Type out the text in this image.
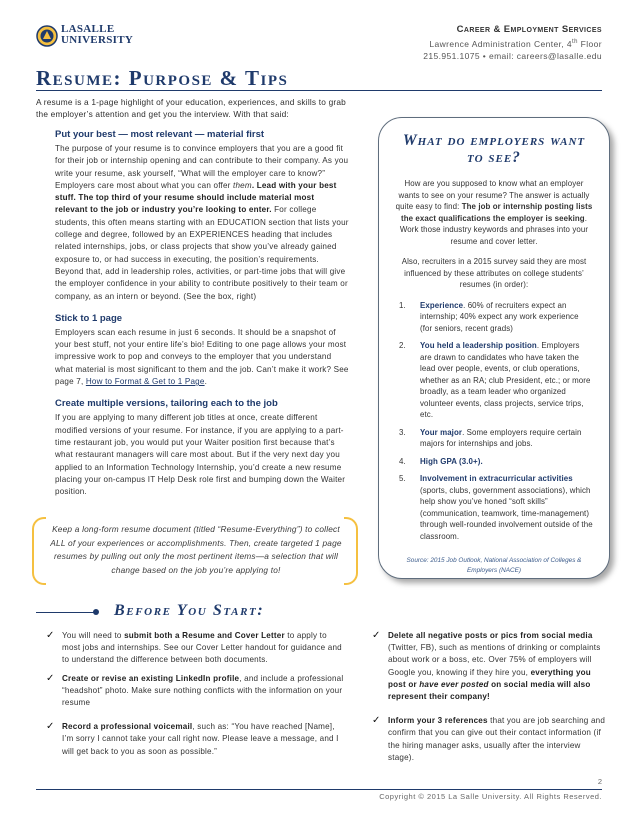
LASALLE
UNIVERSITY
Career & Employment Services
Lawrence Administration Center, 4th Floor
215.951.1075 • email: careers@lasalle.edu
Resume: Purpose & Tips

A resume is a 1-page highlight of your education, experiences, and skills to grab the employer’s attention and get you the interview. With that said:

Put your best — most relevant — material first

The purpose of your resume is to convince employers that you are a good fit for their job or internship opening and can contribute to their company. As you write your resume, ask yourself, “What will the employer care to know?” Employers care most about what you can offer them. Lead with your best stuff. The top third of your resume should include material most relevant to the job or industry you’re looking to enter. For college students, this often means starting with an EDUCATION section that lists your college and degree, followed by an EXPERIENCES heading that includes related internships, jobs, or class projects that show you’ve already gained exposure to, or had success in executing, the position’s requirements. Beyond that, add in leadership roles, activities, or part-time jobs that will give the employer confidence in your ability to contribute positively to their team or company, as an intern or beyond. (See the box, right)

Stick to 1 page

Employers scan each resume in just 6 seconds. It should be a snapshot of your best stuff, not your entire life’s bio! Editing to one page allows your most impressive work to pop and conveys to the employer that you understand what material is most significant to them and the job. Can’t make it work? See page 7, How to Format & Get to 1 Page.

Create multiple versions, tailoring each to the job

If you are applying to many different job titles at once, create different modified versions of your resume. For instance, if you are applying to a part-time restaurant job, you would put your Waiter position first because that’s what restaurant managers will care most about. But if the very next day you applied to an Information Technology Internship, you’d create a new resume placing your on-campus IT Help Desk role first and bumping down the Waiter position.

Keep a long-form resume document (titled “Resume-Everything”) to collect ALL of your experiences or accomplishments. Then, create targeted 1 page resumes by pulling out only the most pertinent items—a selection that will change based on the job you’re applying to!

What do employers want to see?

How are you supposed to know what an employer wants to see on your resume? The answer is actually quite easy to find: The job or internship posting lists the exact qualifications the employer is seeking. Work those industry keywords and phrases into your resume and cover letter.

Also, recruiters in a 2015 survey said they are most influenced by these attributes on college students’ resumes (in order):

1. Experience. 60% of recruiters expect an internship; 40% expect any work experience (for seniors, recent grads)
2. You held a leadership position. Employers are drawn to candidates who have taken the lead over people, events, or club operations, whether as an RA; club President, etc.; or more broadly, as a team leader who organized volunteer events, class projects, service trips, etc.
3. Your major. Some employers require certain majors for internships and jobs.
4. High GPA (3.0+).
5. Involvement in extracurricular activities (sports, clubs, government associations), which help show you’ve honed “soft skills” (communication, teamwork, time-management) through well-rounded involvement outside of the classroom.

Source: 2015 Job Outlook, National Association of Colleges & Employers (NACE)

Before You Start:

✓ You will need to submit both a Resume and Cover Letter to apply to most jobs and internships. See our Cover Letter handout for guidance and to understand the difference between both documents.

✓ Create or revise an existing LinkedIn profile, and include a professional “headshot” photo. Make sure nothing conflicts with the information on your resume

✓ Record a professional voicemail, such as: “You have reached [Name], I’m sorry I cannot take your call right now. Please leave a message, and I will get back to you as soon as possible.”

✓ Delete all negative posts or pics from social media (Twitter, FB), such as mentions of drinking or complaints about work or a boss, etc. Over 75% of employers will Google you, knowing if they hire you, everything you post or have ever posted on social media will also represent their company!

✓ Inform your 3 references that you are job searching and confirm that you can give out their contact information (if the hiring manager asks, usually after the interview stage).

2
Copyright © 2015 La Salle University. All Rights Reserved.
